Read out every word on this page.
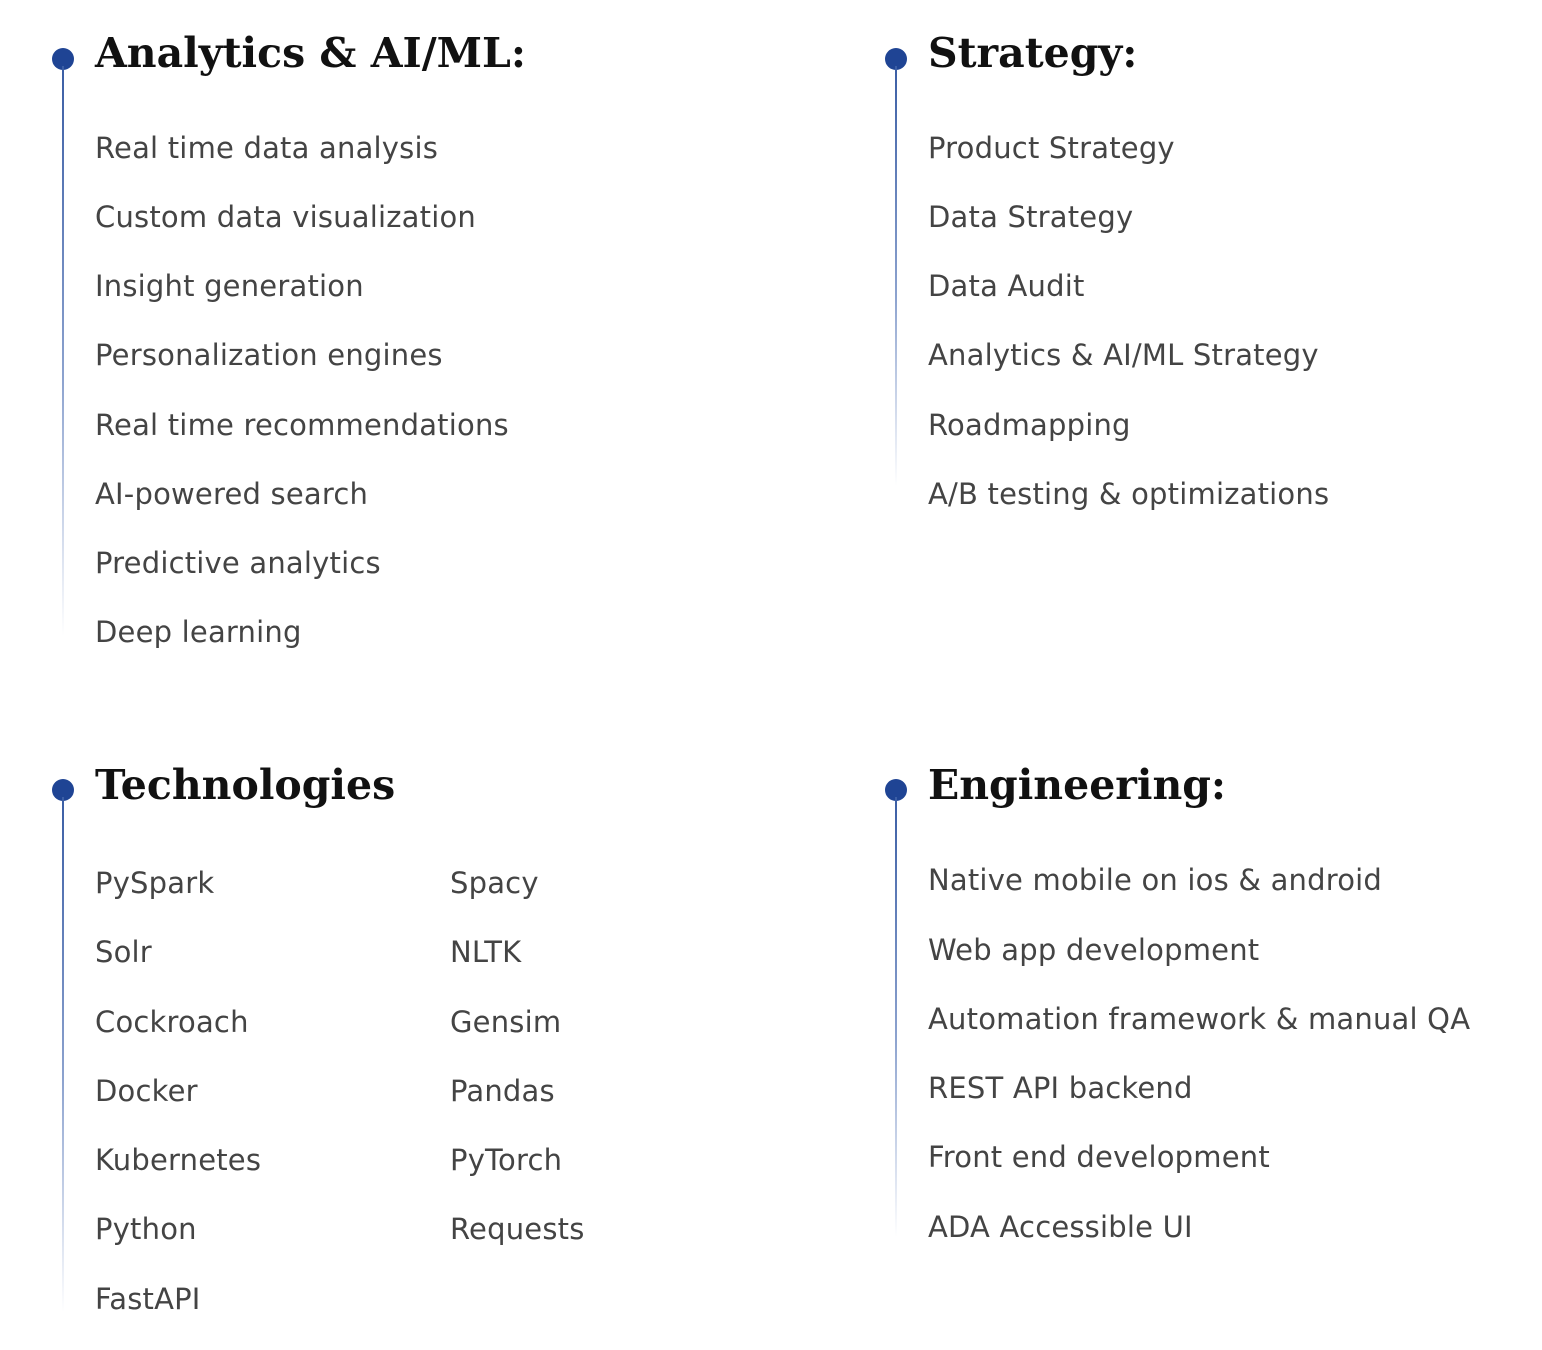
Analytics & AI/ML:
Real time data analysis
Custom data visualization
Insight generation
Personalization engines
Real time recommendations
AI-powered search
Predictive analytics
Deep learning
Strategy:
Product Strategy
Data Strategy
Data Audit
Analytics & AI/ML Strategy
Roadmapping
A/B testing & optimizations
Technologies
PySpark
Solr
Cockroach
Docker
Kubernetes
Python
FastAPI
Spacy
NLTK
Gensim
Pandas
PyTorch
Requests
Engineering:
Native mobile on ios & android
Web app development
Automation framework & manual QA
REST API backend
Front end development
ADA Accessible UI
